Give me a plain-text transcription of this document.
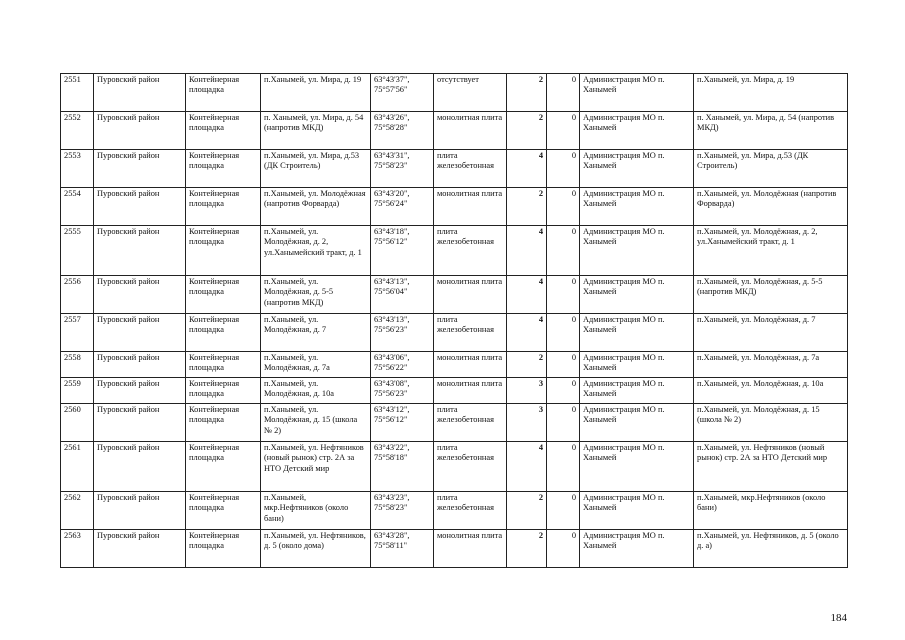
2551	Пуровский район	Контейнерная площадка	п.Ханымей, ул. Мира, д. 19	63°43'37", 75°57'56"	отсутствует	2	0	Администрация МО п. Ханымей	п.Ханымей, ул. Мира, д. 19
2552	Пуровский район	Контейнерная площадка	п. Ханымей, ул. Мира, д. 54 (напротив МКД)	63°43'26", 75°58'28"	монолитная плита	2	0	Администрация МО п. Ханымей	п. Ханымей, ул. Мира, д. 54 (напротив МКД)
2553	Пуровский район	Контейнерная площадка	п.Ханымей, ул. Мира, д.53 (ДК Строитель)	63°43'31", 75°58'23"	плита железобетонная	4	0	Администрация МО п. Ханымей	п.Ханымей, ул. Мира, д.53 (ДК Строитель)
2554	Пуровский район	Контейнерная площадка	п.Ханымей, ул. Молодёжная (напротив Форварда)	63°43'20", 75°56'24"	монолитная плита	2	0	Администрация МО п. Ханымей	п.Ханымей, ул. Молодёжная (напротив Форварда)
2555	Пуровский район	Контейнерная площадка	п.Ханымей, ул. Молодёжная, д. 2, ул.Ханымейский тракт, д. 1	63°43'18", 75°56'12"	плита железобетонная	4	0	Администрация МО п. Ханымей	п.Ханымей, ул. Молодёжная, д. 2, ул.Ханымейский тракт, д. 1
2556	Пуровский район	Контейнерная площадка	п.Ханымей, ул. Молодёжная, д. 5-5 (напротив МКД)	63°43'13", 75°56'04"	монолитная плита	4	0	Администрация МО п. Ханымей	п.Ханымей, ул. Молодёжная, д. 5-5 (напротив МКД)
2557	Пуровский район	Контейнерная площадка	п.Ханымей, ул. Молодёжная, д. 7	63°43'13", 75°56'23"	плита железобетонная	4	0	Администрация МО п. Ханымей	п.Ханымей, ул. Молодёжная, д. 7
2558	Пуровский район	Контейнерная площадка	п.Ханымей, ул. Молодёжная, д. 7а	63°43'06", 75°56'22"	монолитная плита	2	0	Администрация МО п. Ханымей	п.Ханымей, ул. Молодёжная, д. 7а
2559	Пуровский район	Контейнерная площадка	п.Ханымей, ул. Молодёжная, д. 10а	63°43'08", 75°56'23"	монолитная плита	3	0	Администрация МО п. Ханымей	п.Ханымей, ул. Молодёжная, д. 10а
2560	Пуровский район	Контейнерная площадка	п.Ханымей, ул. Молодёжная, д. 15 (школа № 2)	63°43'12", 75°56'12"	плита железобетонная	3	0	Администрация МО п. Ханымей	п.Ханымей, ул. Молодёжная, д. 15 (школа № 2)
2561	Пуровский район	Контейнерная площадка	п.Ханымей, ул. Нефтяников (новый рынок) стр. 2А за НТО Детский мир	63°43'22", 75°58'18"	плита железобетонная	4	0	Администрация МО п. Ханымей	п.Ханымей, ул. Нефтяников (новый рынок) стр. 2А за НТО Детский мир
2562	Пуровский район	Контейнерная площадка	п.Ханымей, мкр.Нефтяников (около бани)	63°43'23", 75°58'23"	плита железобетонная	2	0	Администрация МО п. Ханымей	п.Ханымей, мкр.Нефтяников (около бани)
2563	Пуровский район	Контейнерная площадка	п.Ханымей, ул. Нефтяников, д. 5 (около дома)	63°43'28", 75°58'11"	монолитная плита	2	0	Администрация МО п. Ханымей	п.Ханымей, ул. Нефтяников, д. 5 (около д. а)
184
